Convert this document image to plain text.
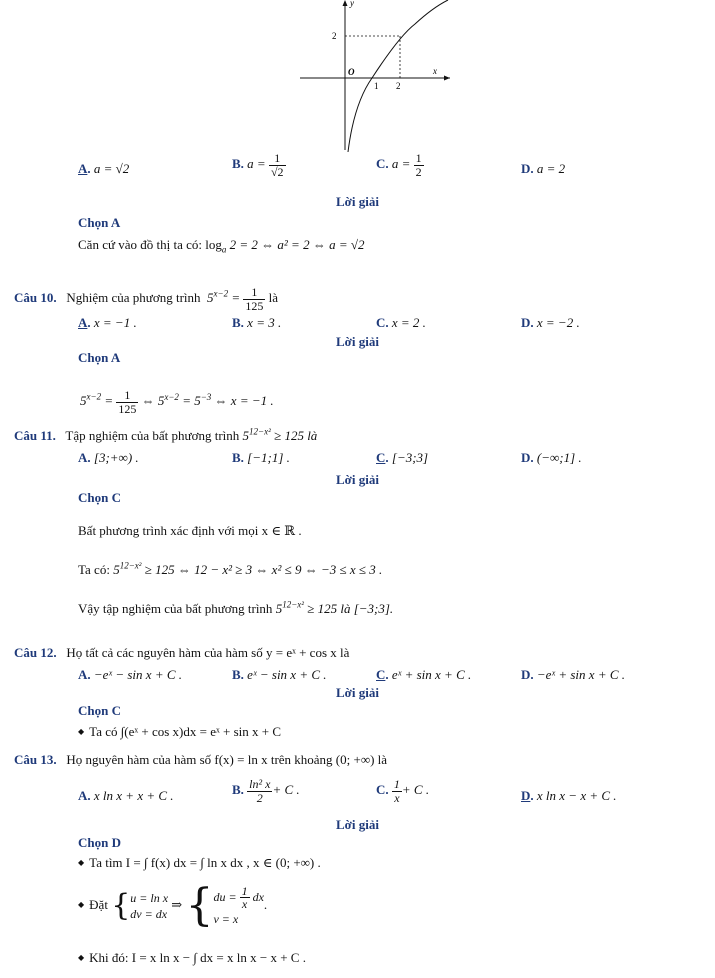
2
O
1 2
x
y
A. a = √2	B. $a = \frac{1}{√2}$	C. $a = \frac{1}{2}$	D. a = 2
Lời giải
Chọn A
Căn cứ vào đồ thị ta có: $\log_a 2 = 2$ ⇔ a² = 2 ⇔ a = √2
Câu 10. Nghiệm của phương trình $5^{x-2} = \frac{1}{125}$ là
A. x = −1 .	B. x = 3 .	C. x = 2 .	D. x = −2 .
Lời giải
Chọn A
$5^{x-2} = \frac{1}{125}$ ⇔ $5^{x-2} = 5^{-3}$ ⇔ x = −1 .
Câu 11. Tập nghiệm của bất phương trình $5^{12-x^2} \ge 125$ là
A. [3;+∞) .	B. [−1;1] .	C. [−3;3]	D. (−∞;1] .
Lời giải
Chọn C
Bất phương trình xác định với mọi x ∈ ℝ .
Ta có: $5^{12-x^2} \ge 125$ ⇔ 12 − x² ≥ 3 ⇔ x² ≤ 9 ⇔ −3 ≤ x ≤ 3 .
Vậy tập nghiệm của bất phương trình $5^{12-x^2} \ge 125$ là [−3;3].
Câu 12. Họ tất cả các nguyên hàm của hàm số y = eˣ + cos x là
A. −eˣ − sin x + C .	B. eˣ − sin x + C .	C. eˣ + sin x + C .	D. −eˣ + sin x + C .
Lời giải
Chọn C
◆ Ta có ∫(eˣ + cos x)dx = eˣ + sin x + C
Câu 13. Họ nguyên hàm của hàm số f(x) = ln x trên khoảng (0; +∞) là
A. x ln x + x + C .	B. $\frac{\text{ln² x}}{2} + C$ .	C. $\frac{1}{x} + C$ .	D. x ln x − x + C .
Lời giải
Chọn D
◆ Ta tìm I = ∫ f(x) dx = ∫ ln x dx , x ∈ (0; +∞) .
◆ Đặt {u = ln x
dv = dx ⇒ {$du = \frac{1}{x}$ dx
v = x.
◆ Khi đó: I = x ln x − ∫ dx = x ln x − x + C .
